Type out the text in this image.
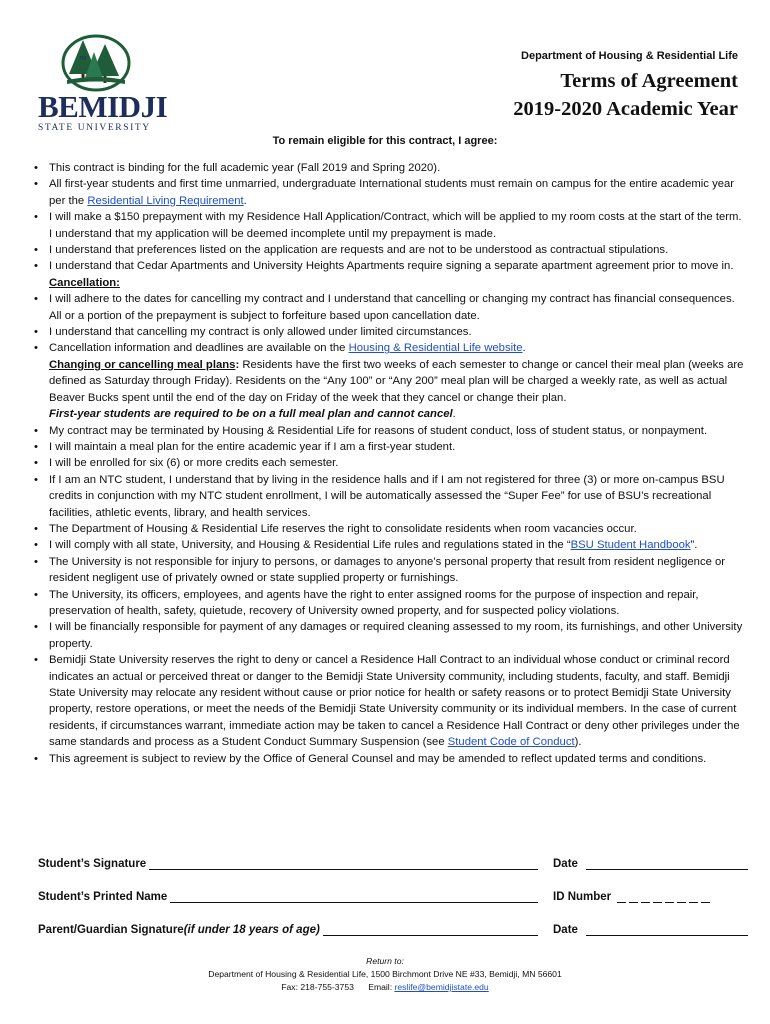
BEMIDJI
STATE UNIVERSITY
TM	Department of Housing & Residential Life
Terms of Agreement
2019-2020 Academic Year
To remain eligible for this contract, I agree:
• This contract is binding for the full academic year (Fall 2019 and Spring 2020).
• All first-year students and first time unmarried, undergraduate International students must remain on campus for the entire academic year per the Residential Living Requirement.
• I will make a $150 prepayment with my Residence Hall Application/Contract, which will be applied to my room costs at the start of the term. I understand that my application will be deemed incomplete until my prepayment is made.
• I understand that preferences listed on the application are requests and are not to be understood as contractual stipulations.
• I understand that Cedar Apartments and University Heights Apartments require signing a separate apartment agreement prior to move in.
Cancellation:
• I will adhere to the dates for cancelling my contract and I understand that cancelling or changing my contract has financial consequences. All or a portion of the prepayment is subject to forfeiture based upon cancellation date.
• I understand that cancelling my contract is only allowed under limited circumstances.
• Cancellation information and deadlines are available on the Housing & Residential Life website.
Changing or cancelling meal plans: Residents have the first two weeks of each semester to change or cancel their meal plan (weeks are defined as Saturday through Friday). Residents on the “Any 100” or “Any 200” meal plan will be charged a weekly rate, as well as actual Beaver Bucks spent until the end of the day on Friday of the week that they cancel or change their plan.
First-year students are required to be on a full meal plan and cannot cancel.
• My contract may be terminated by Housing & Residential Life for reasons of student conduct, loss of student status, or nonpayment.
• I will maintain a meal plan for the entire academic year if I am a first-year student.
• I will be enrolled for six (6) or more credits each semester.
• If I am an NTC student, I understand that by living in the residence halls and if I am not registered for three (3) or more on-campus BSU credits in conjunction with my NTC student enrollment, I will be automatically assessed the “Super Fee” for use of BSU’s recreational facilities, athletic events, library, and health services.
• The Department of Housing & Residential Life reserves the right to consolidate residents when room vacancies occur.
• I will comply with all state, University, and Housing & Residential Life rules and regulations stated in the “BSU Student Handbook”.
• The University is not responsible for injury to persons, or damages to anyone’s personal property that result from resident negligence or resident negligent use of privately owned or state supplied property or furnishings.
• The University, its officers, employees, and agents have the right to enter assigned rooms for the purpose of inspection and repair, preservation of health, safety, quietude, recovery of University owned property, and for suspected policy violations.
• I will be financially responsible for payment of any damages or required cleaning assessed to my room, its furnishings, and other University property.
• Bemidji State University reserves the right to deny or cancel a Residence Hall Contract to an individual whose conduct or criminal record indicates an actual or perceived threat or danger to the Bemidji State University community, including students, faculty, and staff. Bemidji State University may relocate any resident without cause or prior notice for health or safety reasons or to protect Bemidji State University property, restore operations, or meet the needs of the Bemidji State University community or its individual members. In the case of current residents, if circumstances warrant, immediate action may be taken to cancel a Residence Hall Contract or deny other privileges under the same standards and process as a Student Conduct Summary Suspension (see Student Code of Conduct).
• This agreement is subject to review by the Office of General Counsel and may be amended to reflect updated terms and conditions.
Student’s Signature	Date
Student’s Printed Name	ID Number
Parent/Guardian Signature (if under 18 years of age)	Date
Return to:
Department of Housing & Residential Life, 1500 Birchmont Drive NE #33, Bemidji, MN 56601
Fax: 218-755-3753 Email: reslife@bemidjistate.edu
